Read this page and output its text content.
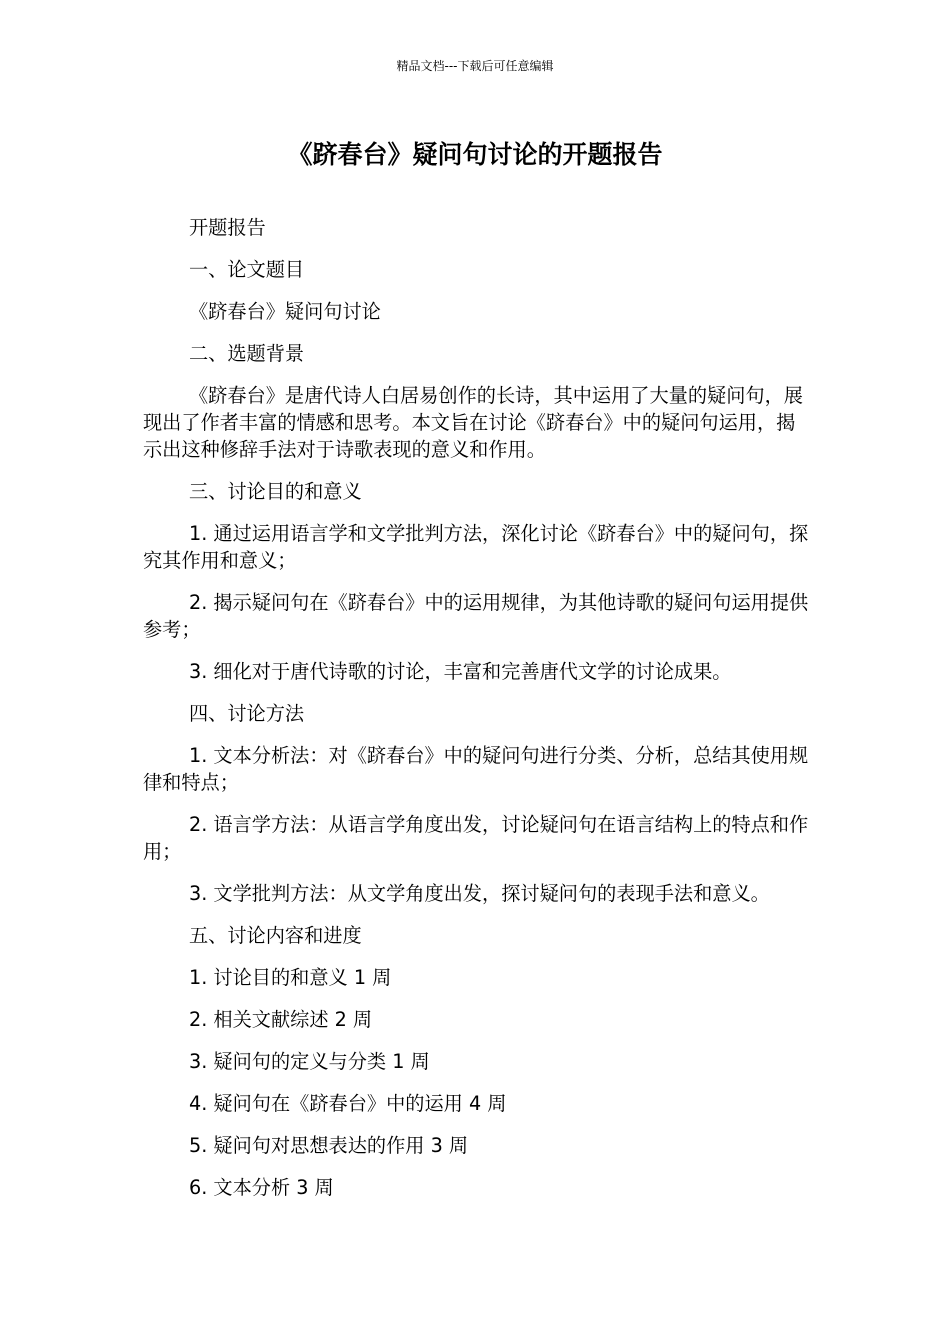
精品文档---下载后可任意编辑
《跻春台》疑问句讨论的开题报告

开题报告

一、论文题目

《跻春台》疑问句讨论

二、选题背景

《跻春台》是唐代诗人白居易创作的长诗，其中运用了大量的疑问句，展现出了作者丰富的情感和思考。本文旨在讨论《跻春台》中的疑问句运用，揭示出这种修辞手法对于诗歌表现的意义和作用。

三、讨论目的和意义

1. 通过运用语言学和文学批判方法，深化讨论《跻春台》中的疑问句，探究其作用和意义；

2. 揭示疑问句在《跻春台》中的运用规律，为其他诗歌的疑问句运用提供参考；

3. 细化对于唐代诗歌的讨论，丰富和完善唐代文学的讨论成果。

四、讨论方法

1. 文本分析法：对《跻春台》中的疑问句进行分类、分析，总结其使用规律和特点；

2. 语言学方法：从语言学角度出发，讨论疑问句在语言结构上的特点和作用；

3. 文学批判方法：从文学角度出发，探讨疑问句的表现手法和意义。

五、讨论内容和进度

1. 讨论目的和意义 1 周

2. 相关文献综述 2 周

3. 疑问句的定义与分类 1 周

4. 疑问句在《跻春台》中的运用 4 周

5. 疑问句对思想表达的作用 3 周

6. 文本分析 3 周
